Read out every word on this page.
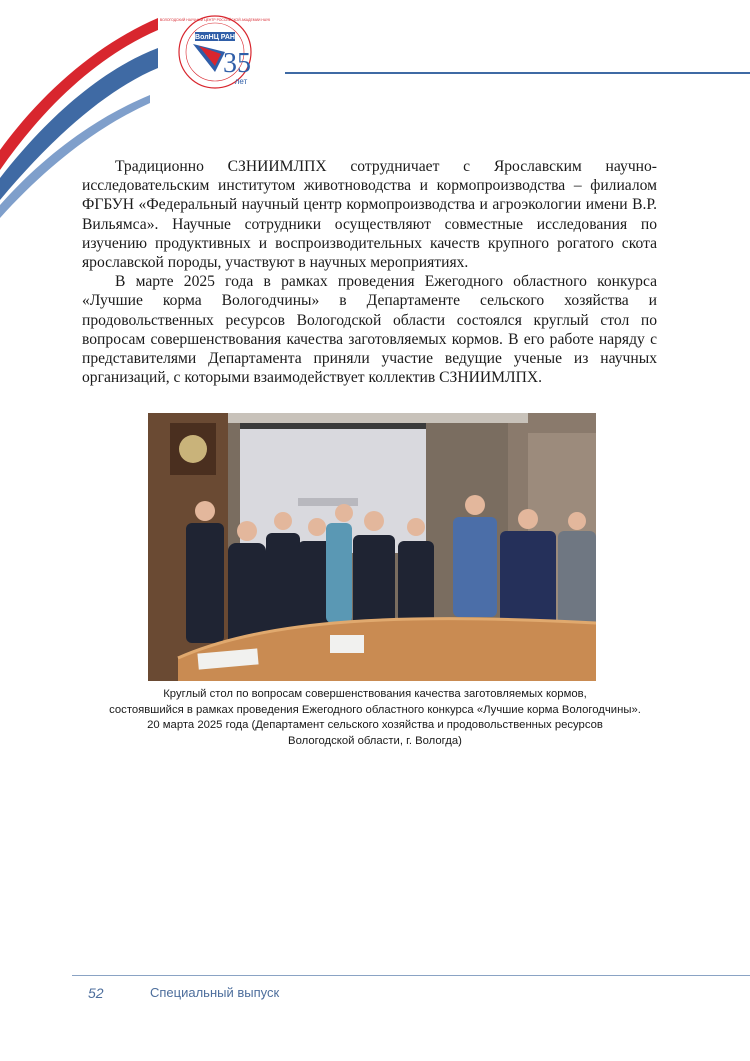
ВОЛОГОДСКИЙ НАУЧНЫЙ ЦЕНТР РОССИЙСКОЙ АКАДЕМИИ НАУК
ВолНЦ РАН
35
лет

Традиционно СЗНИИМЛПХ сотрудничает с Ярославским научно-исследовательским институтом животноводства и кормопроизводства – филиалом ФГБУН «Федеральный научный центр кормопроизводства и агроэкологии имени В.Р. Вильямса». Научные сотрудники осуществляют совместные исследования по изучению продуктивных и воспроизводительных качеств крупного рогатого скота ярославской породы, участвуют в научных мероприятиях.

В марте 2025 года в рамках проведения Ежегодного областного конкурса «Лучшие корма Вологодчины» в Департаменте сельского хозяйства и продовольственных ресурсов Вологодской области состоялся круглый стол по вопросам совершенствования качества заготовляемых кормов. В его работе наряду с представителями Департамента приняли участие ведущие ученые из научных организаций, с которыми взаимодействует коллектив СЗНИИМЛПХ.

Круглый стол по вопросам совершенствования качества заготовляемых кормов,
состоявшийся в рамках проведения Ежегодного областного конкурса «Лучшие корма Вологодчины».
20 марта 2025 года (Департамент сельского хозяйства и продовольственных ресурсов
Вологодской области, г. Вологда)
52	Специальный выпуск
